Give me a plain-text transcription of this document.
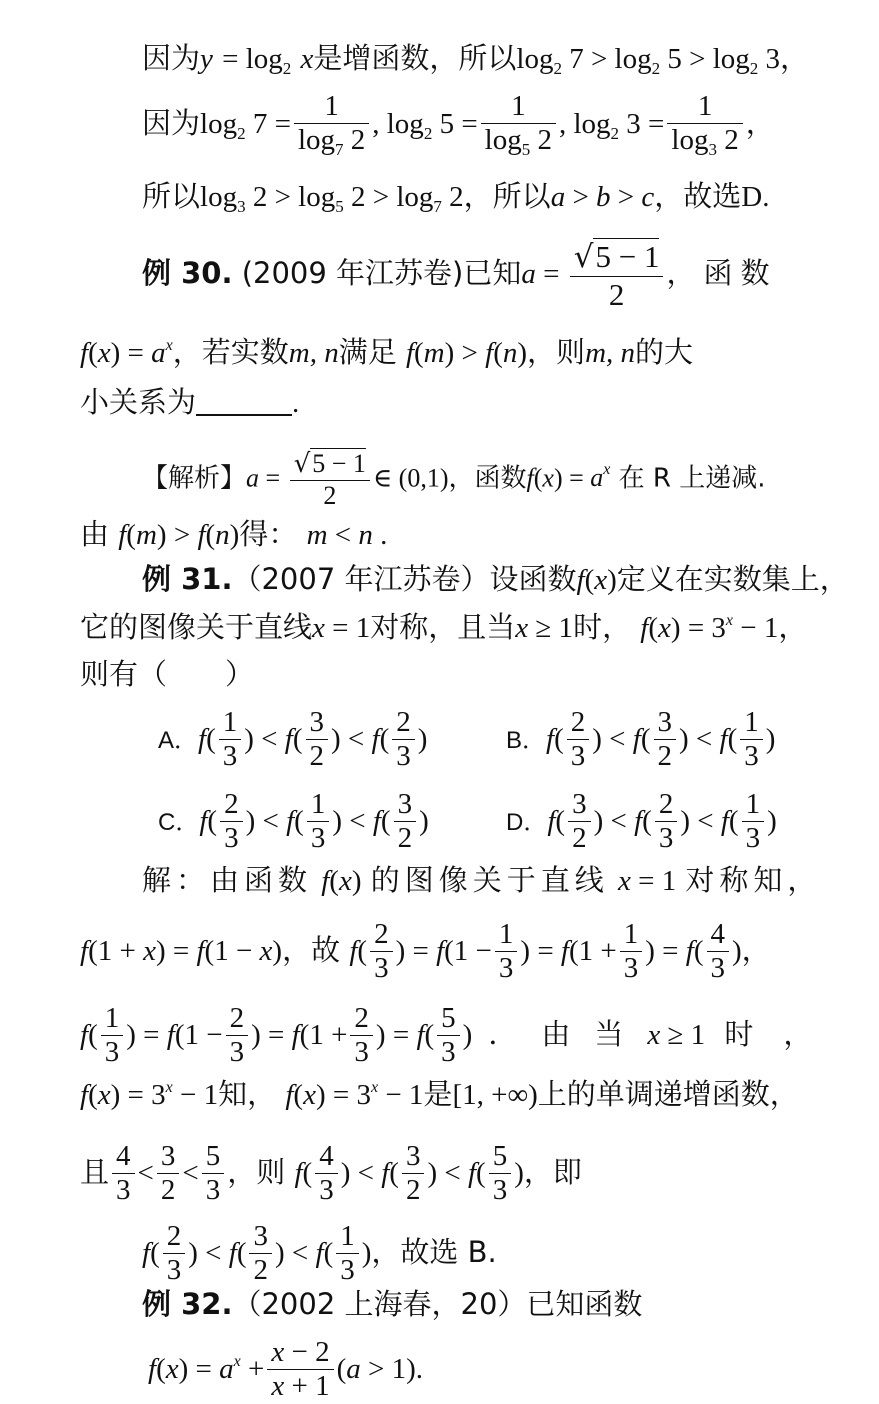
因为$y = \log_2 x$是增函数，所以$\log_2 7 > \log_2 5 > \log_2 3$，
因为$\log_2 7 = \frac{1}{\log_7 2}$ , $\log_2 5 = \frac{1}{\log_5 2}$ , $\log_2 3 = \frac{1}{\log_3 2}$ ，
所以$\log_3 2 > \log_5 2 > \log_7 2$，所以a > b > c，故选D.
例 30. (2009 年江苏卷)已知$a = \frac{√5 - 1}{2}$ ，函数
$f(x) = a^x$，若实数m, n满足 f(m) > f(n)，则m, n的大
小关系为	.
【解析】$a = \frac{√5 - 1}{2}$ ∈ (0,1)，函数$f(x) = a^x$ 在 R 上递减.
由 f(m) > f(n)得： m < n .
例 31.（2007 年江苏卷）设函数f(x)定义在实数集上，
它的图像关于直线x = 1对称，且当x ≥ 1时， $f(x) = 3^x - 1$，
则有（　　）
A．$f( \frac{1}{3}$ ) < $f( \frac{3}{2}$ ) < $f( \frac{2}{3}$ )	B．$f( \frac{2}{3}$ ) < $f( \frac{3}{2}$ ) < $f( \frac{1}{3}$ )
C．$f( \frac{2}{3}$ ) < $f( \frac{1}{3}$ ) < $f( \frac{3}{2}$ )	D．$f( \frac{3}{2}$ ) < $f( \frac{2}{3}$ ) < $f( \frac{1}{3}$ )
解：由函数 f(x) 的图像关于直线 x = 1 对称知，
f(1 + x) = f(1 − x)，故 $f( \frac{2}{3}$ ) = $f(1 - \frac{1}{3}$ ) = $f(1 + \frac{1}{3}$ ) = $f( \frac{4}{3}$ )，
$f( \frac{1}{3}$ ) = $f(1 - \frac{2}{3}$ ) = $f(1 + \frac{2}{3}$ ) = $f( \frac{5}{3}$ ) ．由当x ≥ 1 时，
$f(x) = 3^x - 1$知， $f(x) = 3^x - 1$是[1, +∞)上的单调递增函数，
且 $\frac{4}{3} < \frac{3}{2} < \frac{5}{3}$ ，则 $f( \frac{4}{3}$ ) < $f( \frac{3}{2}$ ) < $f( \frac{5}{3}$ )，即
$f( \frac{2}{3}$ ) < $f( \frac{3}{2}$ ) < $f( \frac{1}{3}$ )，故选 B.
例 32.（2002 上海春，20）已知函数
$f(x) = a^x + \frac{x - 2}{x + 1} (a > 1)$.
